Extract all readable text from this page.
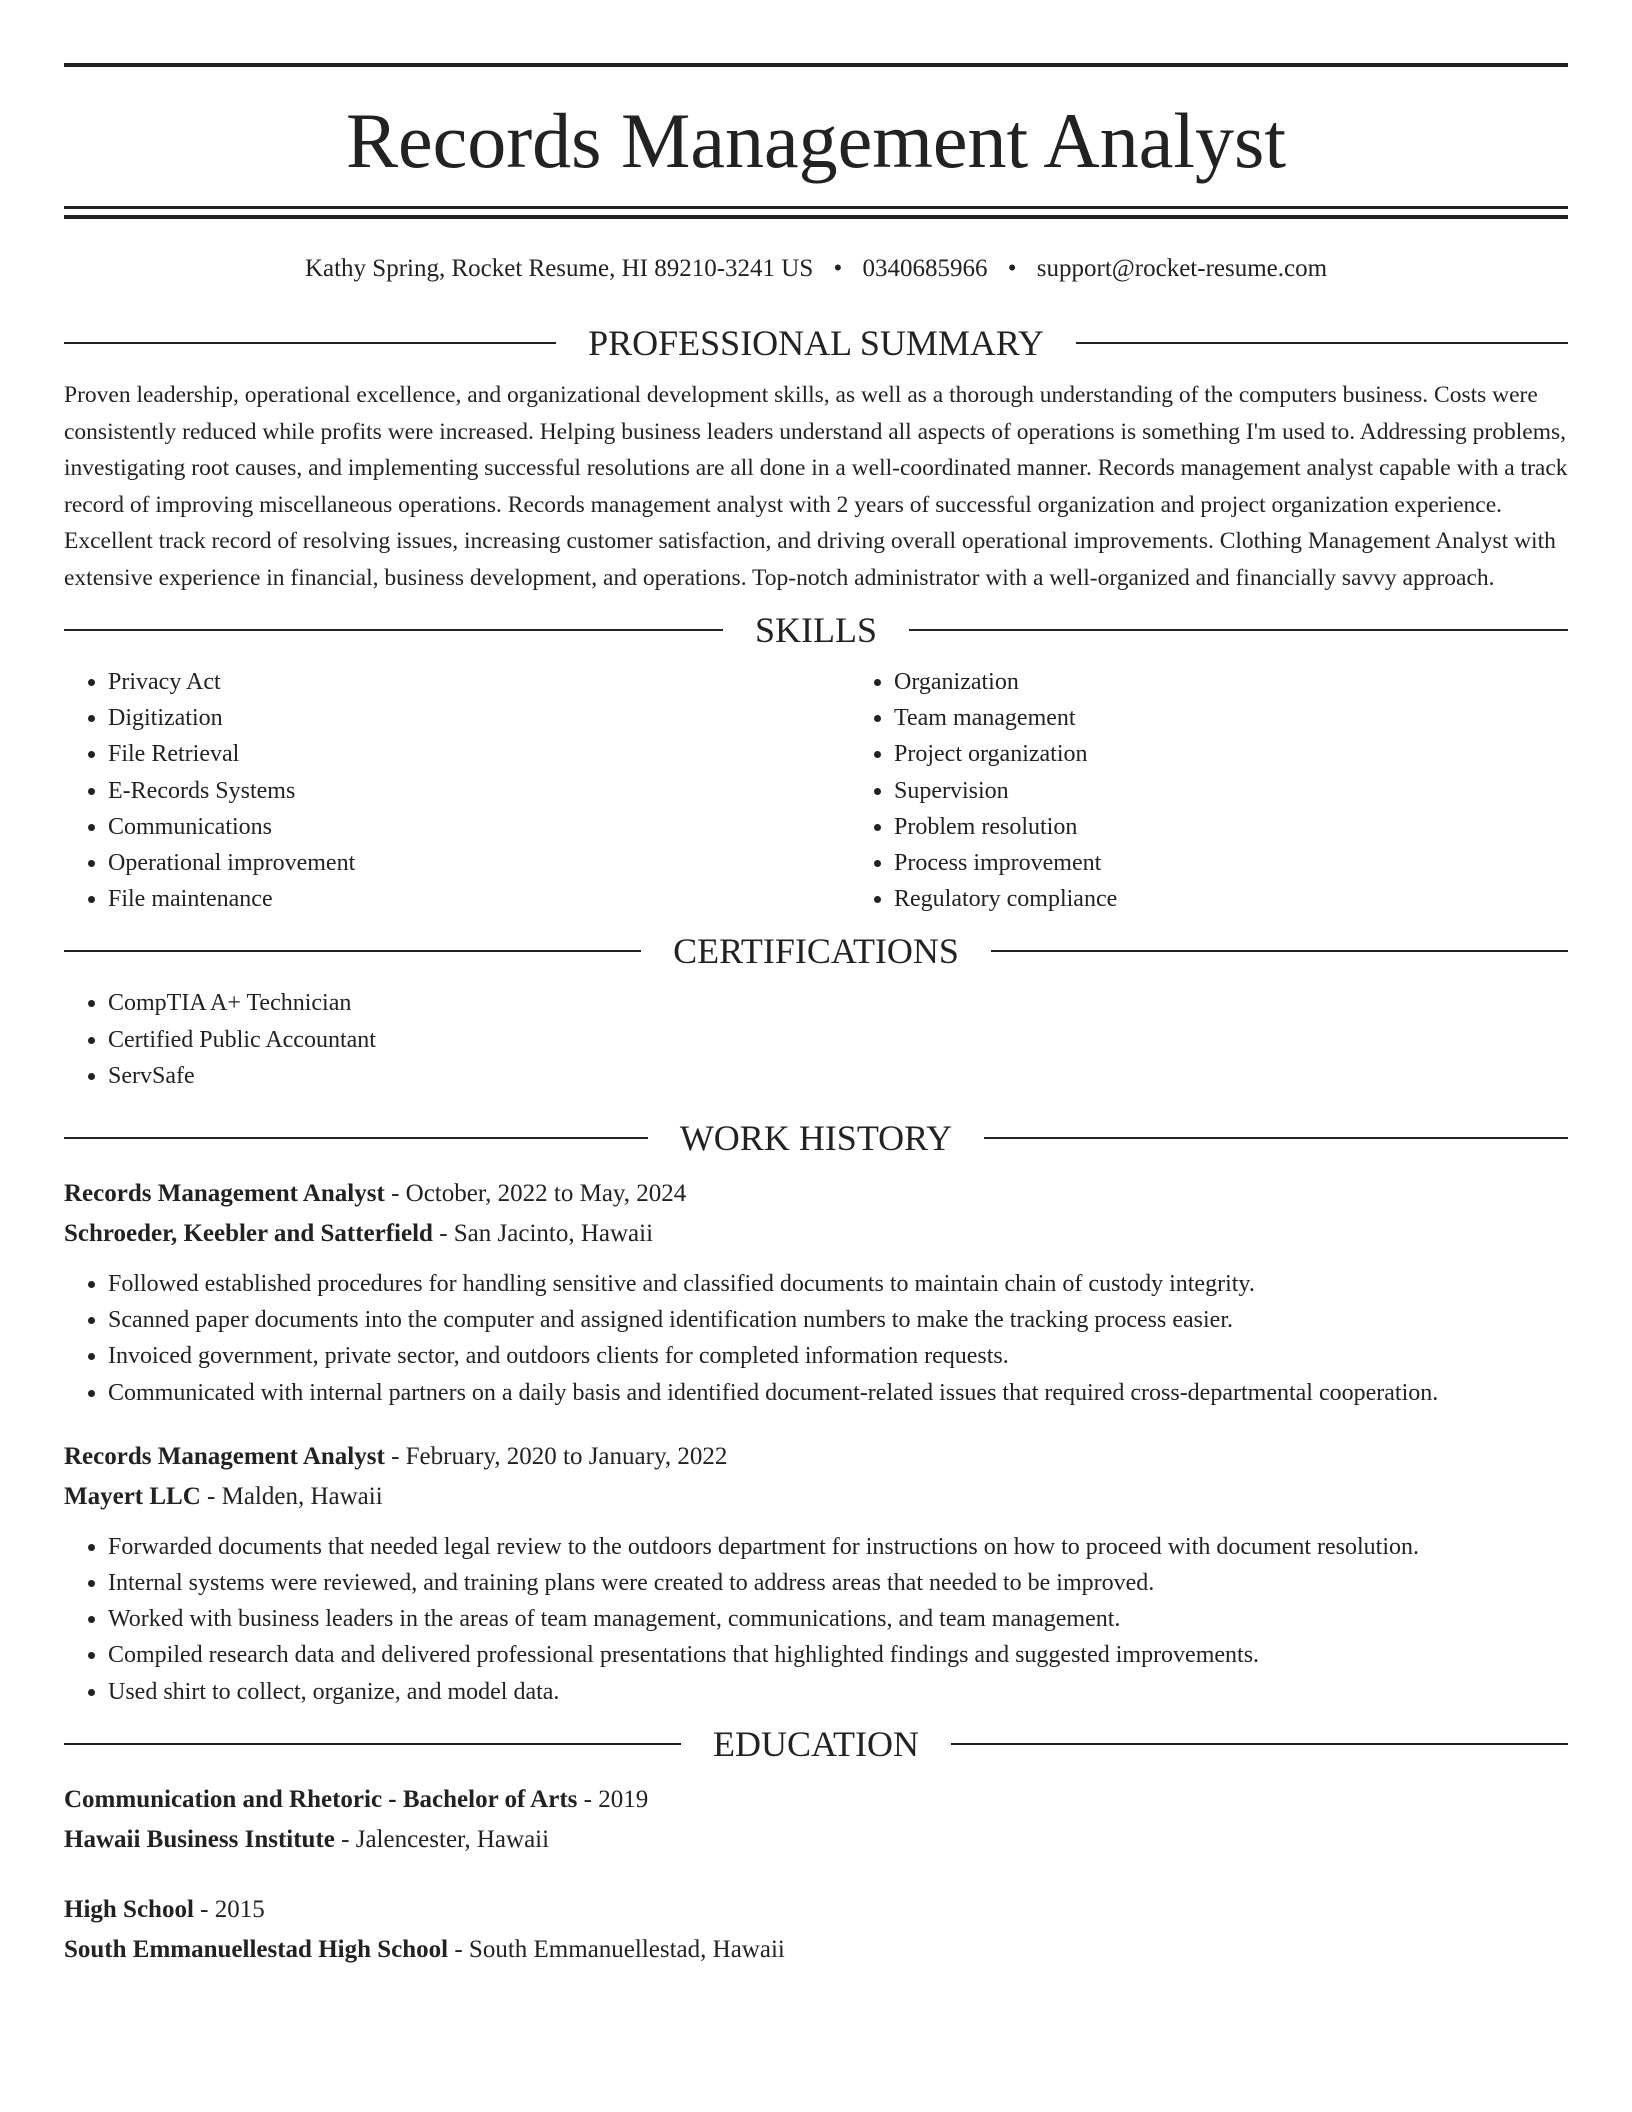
Records Management Analyst
Kathy Spring, Rocket Resume, HI 89210-3241 US • 0340685966 • support@rocket-resume.com
PROFESSIONAL SUMMARY

Proven leadership, operational excellence, and organizational development skills, as well as a thorough understanding of the computers business. Costs were consistently reduced while profits were increased. Helping business leaders understand all aspects of operations is something I'm used to. Addressing problems, investigating root causes, and implementing successful resolutions are all done in a well-coordinated manner. Records management analyst capable with a track record of improving miscellaneous operations. Records management analyst with 2 years of successful organization and project organization experience. Excellent track record of resolving issues, increasing customer satisfaction, and driving overall operational improvements. Clothing Management Analyst with extensive experience in financial, business development, and operations. Top-notch administrator with a well-organized and financially savvy approach.

SKILLS
• Privacy Act
• Digitization
• File Retrieval
• E-Records Systems
• Communications
• Operational improvement
• File maintenance
• Organization
• Team management
• Project organization
• Supervision
• Problem resolution
• Process improvement
• Regulatory compliance
CERTIFICATIONS
• CompTIA A+ Technician
• Certified Public Accountant
• ServSafe
WORK HISTORY
Records Management Analyst - October, 2022 to May, 2024
Schroeder, Keebler and Satterfield - San Jacinto, Hawaii
• Followed established procedures for handling sensitive and classified documents to maintain chain of custody integrity.
• Scanned paper documents into the computer and assigned identification numbers to make the tracking process easier.
• Invoiced government, private sector, and outdoors clients for completed information requests.
• Communicated with internal partners on a daily basis and identified document-related issues that required cross-departmental cooperation.
Records Management Analyst - February, 2020 to January, 2022
Mayert LLC - Malden, Hawaii
• Forwarded documents that needed legal review to the outdoors department for instructions on how to proceed with document resolution.
• Internal systems were reviewed, and training plans were created to address areas that needed to be improved.
• Worked with business leaders in the areas of team management, communications, and team management.
• Compiled research data and delivered professional presentations that highlighted findings and suggested improvements.
• Used shirt to collect, organize, and model data.
EDUCATION
Communication and Rhetoric - Bachelor of Arts - 2019
Hawaii Business Institute - Jalencester, Hawaii
High School - 2015
South Emmanuellestad High School - South Emmanuellestad, Hawaii
